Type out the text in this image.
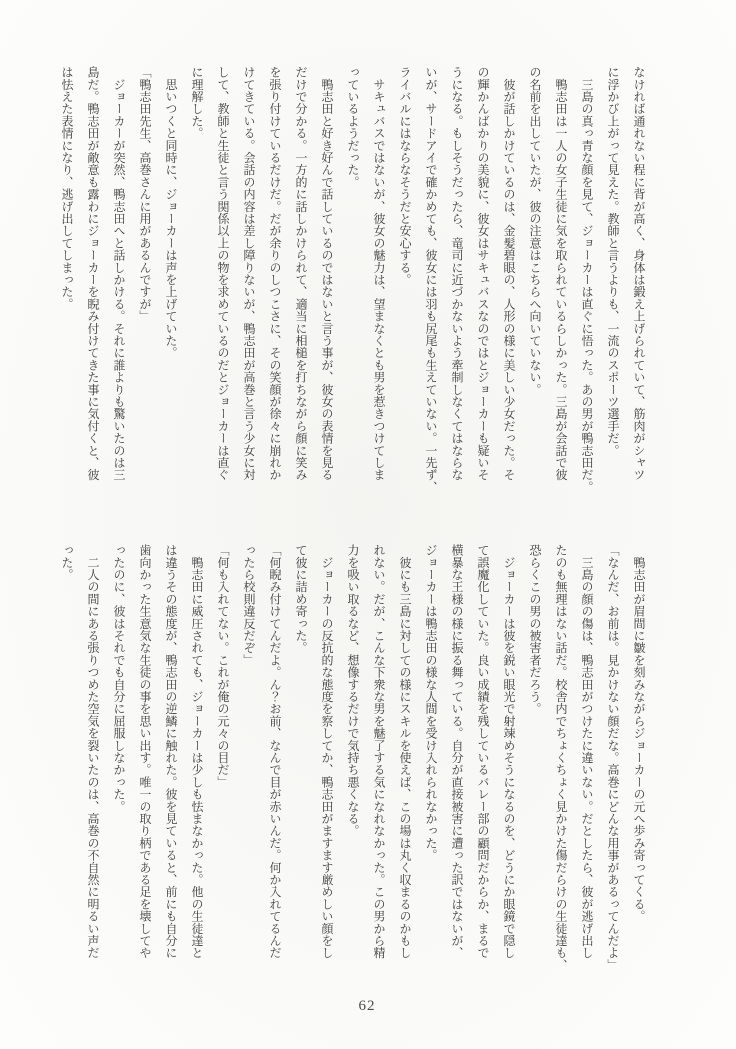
なければ通れない程に背が高く、身体は鍛え上げられていて、筋肉がシャツ
に浮かび上がって見えた。教師と言うよりも、一流のスポーツ選手だ。
　三島の真っ青な顔を見て、ジョーカーは直ぐに悟った。あの男が鴨志田だ。
　鴨志田は一人の女子生徒に気を取られているらしかった。三島が会話で彼
の名前を出していたが、彼の注意はこちらへ向いていない。
　彼が話しかけているのは、金髪碧眼の、人形の様に美しい少女だった。そ
の輝かんばかりの美貌に、彼女はサキュバスなのではとジョーカーも疑いそ
うになる。もしそうだったら、竜司に近づかないよう牽制しなくてはならな
いが、サードアイで確かめても、彼女には羽も尻尾も生えていない。一先ず、
ライバルにはならなそうだと安心する。
　サキュバスではないが、彼女の魅力は、望まなくとも男を惹きつけてしま
っているようだった。
　鴨志田と好き好んで話しているのではないと言う事が、彼女の表情を見る
だけで分かる。一方的に話しかけられて、適当に相槌を打ちながら顔に笑み
を張り付けているだけだ。だが余りのしつこさに、その笑顔が徐々に崩れか
けてきている。会話の内容は差し障りないが、鴨志田が高巻と言う少女に対
して、教師と生徒と言う関係以上の物を求めているのだとジョーカーは直ぐ
に理解した。
　思いつくと同時に、ジョーカーは声を上げていた。
「鴨志田先生、高巻さんに用があるんですが」
　ジョーカーが突然、鴨志田へと話しかける。それに誰よりも驚いたのは三
島だ。鴨志田が敵意も露わにジョーカーを睨み付けてきた事に気付くと、彼
は怯えた表情になり、逃げ出してしまった。
　鴨志田が眉間に皺を刻みながらジョーカーの元へ歩み寄ってくる。
「なんだ、お前は。見かけない顔だな。高巻にどんな用事があるってんだよ」
　三島の顔の傷は、鴨志田がつけたに違いない。だとしたら、彼が逃げ出し
たのも無理はない話だ。校舎内でちょくちょく見かけた傷だらけの生徒達も、
恐らくこの男の被害者だろう。
　ジョーカーは彼を鋭い眼光で射竦めそうになるのを、どうにか眼鏡で隠し
て誤魔化していた。良い成績を残しているバレー部の顧問だからか、まるで
横暴な王様の様に振る舞っている。自分が直接被害に遭った訳ではないが、
ジョーカーは鴨志田の様な人間を受け入れられなかった。
　彼にも三島に対しての様にスキルを使えば、この場は丸く収まるのかもし
れない。だが、こんな下衆な男を魅了する気になれなかった。この男から精
力を吸い取るなど、想像するだけで気持ち悪くなる。
　ジョーカーの反抗的な態度を察してか、鴨志田がますます厳めしい顔をし
て彼に詰め寄った。
「何睨み付けてんだよ。ん？お前、なんで目が赤いんだ。何か入れてるんだ
ったら校則違反だぞ」
「何も入れてない。これが俺の元々の目だ」
　鴨志田に威圧されても、ジョーカーは少しも怯まなかった。他の生徒達と
は違うその態度が、鴨志田の逆鱗に触れた。彼を見ていると、前にも自分に
歯向かった生意気な生徒の事を思い出す。唯一の取り柄である足を壊してや
ったのに、彼はそれでも自分に屈服しなかった。
　二人の間にある張りつめた空気を裂いたのは、高巻の不自然に明るい声だ
った。
62
